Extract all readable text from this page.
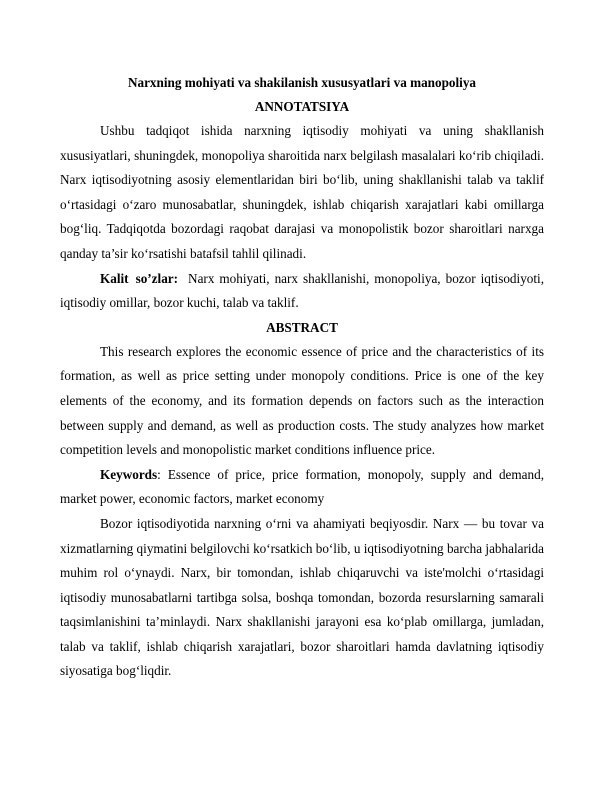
Narxning mohiyati va shakilanish xususyatlari va manopoliya

ANNOTATSIYA

Ushbu tadqiqot ishida narxning iqtisodiy mohiyati va uning shakllanish xususiyatlari, shuningdek, monopoliya sharoitida narx belgilash masalalari ko‘rib chiqiladi. Narx iqtisodiyotning asosiy elementlaridan biri bo‘lib, uning shakllanishi talab va taklif o‘rtasidagi o‘zaro munosabatlar, shuningdek, ishlab chiqarish xarajatlari kabi omillarga bog‘liq. Tadqiqotda bozordagi raqobat darajasi va monopolistik bozor sharoitlari narxga qanday ta’sir ko‘rsatishi batafsil tahlil qilinadi.

Kalit so’zlar: Narx mohiyati, narx shakllanishi, monopoliya, bozor iqtisodiyoti, iqtisodiy omillar, bozor kuchi, talab va taklif.

ABSTRACT

This research explores the economic essence of price and the characteristics of its formation, as well as price setting under monopoly conditions. Price is one of the key elements of the economy, and its formation depends on factors such as the interaction between supply and demand, as well as production costs. The study analyzes how market competition levels and monopolistic market conditions influence price.

Keywords: Essence of price, price formation, monopoly, supply and demand, market power, economic factors, market economy

Bozor iqtisodiyotida narxning o‘rni va ahamiyati beqiyosdir. Narx — bu tovar va xizmatlarning qiymatini belgilovchi ko‘rsatkich bo‘lib, u iqtisodiyotning barcha jabhalarida muhim rol o‘ynaydi. Narx, bir tomondan, ishlab chiqaruvchi va iste'molchi o‘rtasidagi iqtisodiy munosabatlarni tartibga solsa, boshqa tomondan, bozorda resurslarning samarali taqsimlanishini ta’minlaydi. Narx shakllanishi jarayoni esa ko‘plab omillarga, jumladan, talab va taklif, ishlab chiqarish xarajatlari, bozor sharoitlari hamda davlatning iqtisodiy siyosatiga bog‘liqdir.
